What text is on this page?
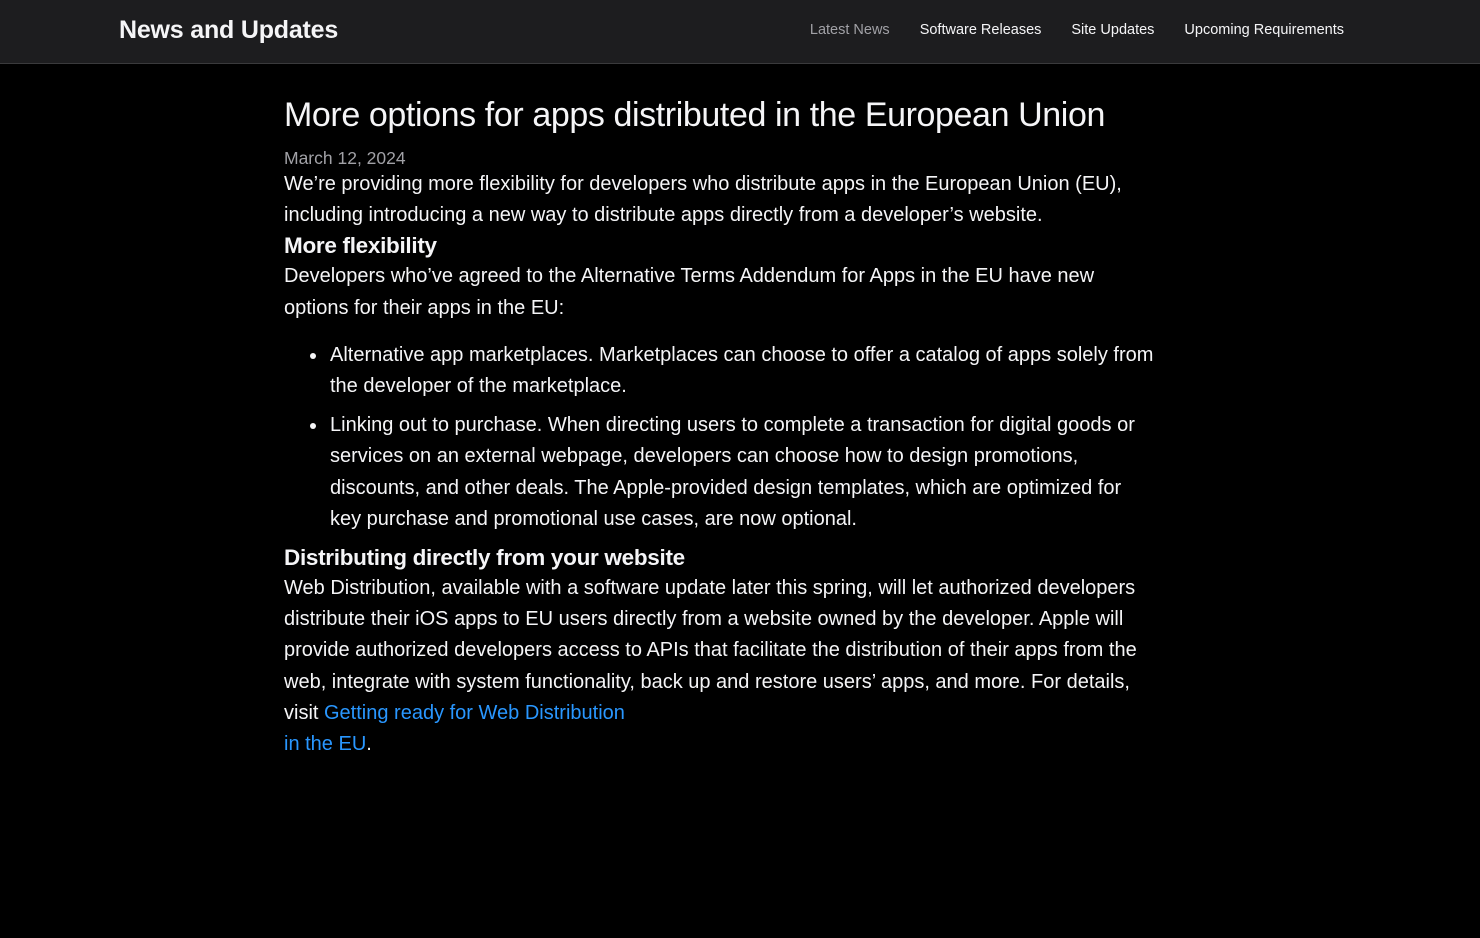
News and Updates	Latest News Software Releases Site Updates Upcoming Requirements
More options for apps distributed in the European Union
March 12, 2024

We’re providing more flexibility for developers who distribute apps in the European Union (EU), including introducing a new way to distribute apps directly from a developer’s website.

More flexibility

Developers who’ve agreed to the Alternative Terms Addendum for Apps in the EU have new options for their apps in the EU:

Alternative app marketplaces. Marketplaces can choose to offer a catalog of apps solely from the developer of the marketplace.
Linking out to purchase. When directing users to complete a transaction for digital goods or services on an external webpage, developers can choose how to design promotions, discounts, and other deals. The Apple-provided design templates, which are optimized for key purchase and promotional use cases, are now optional.
Distributing directly from your website

Web Distribution, available with a software update later this spring, will let authorized developers distribute their iOS apps to EU users directly from a website owned by the developer. Apple will provide authorized developers access to APIs that facilitate the distribution of their apps from the web, integrate with system functionality, back up and restore users’ apps, and more. For details, visit Getting ready for Web Distribution
in the EU.
